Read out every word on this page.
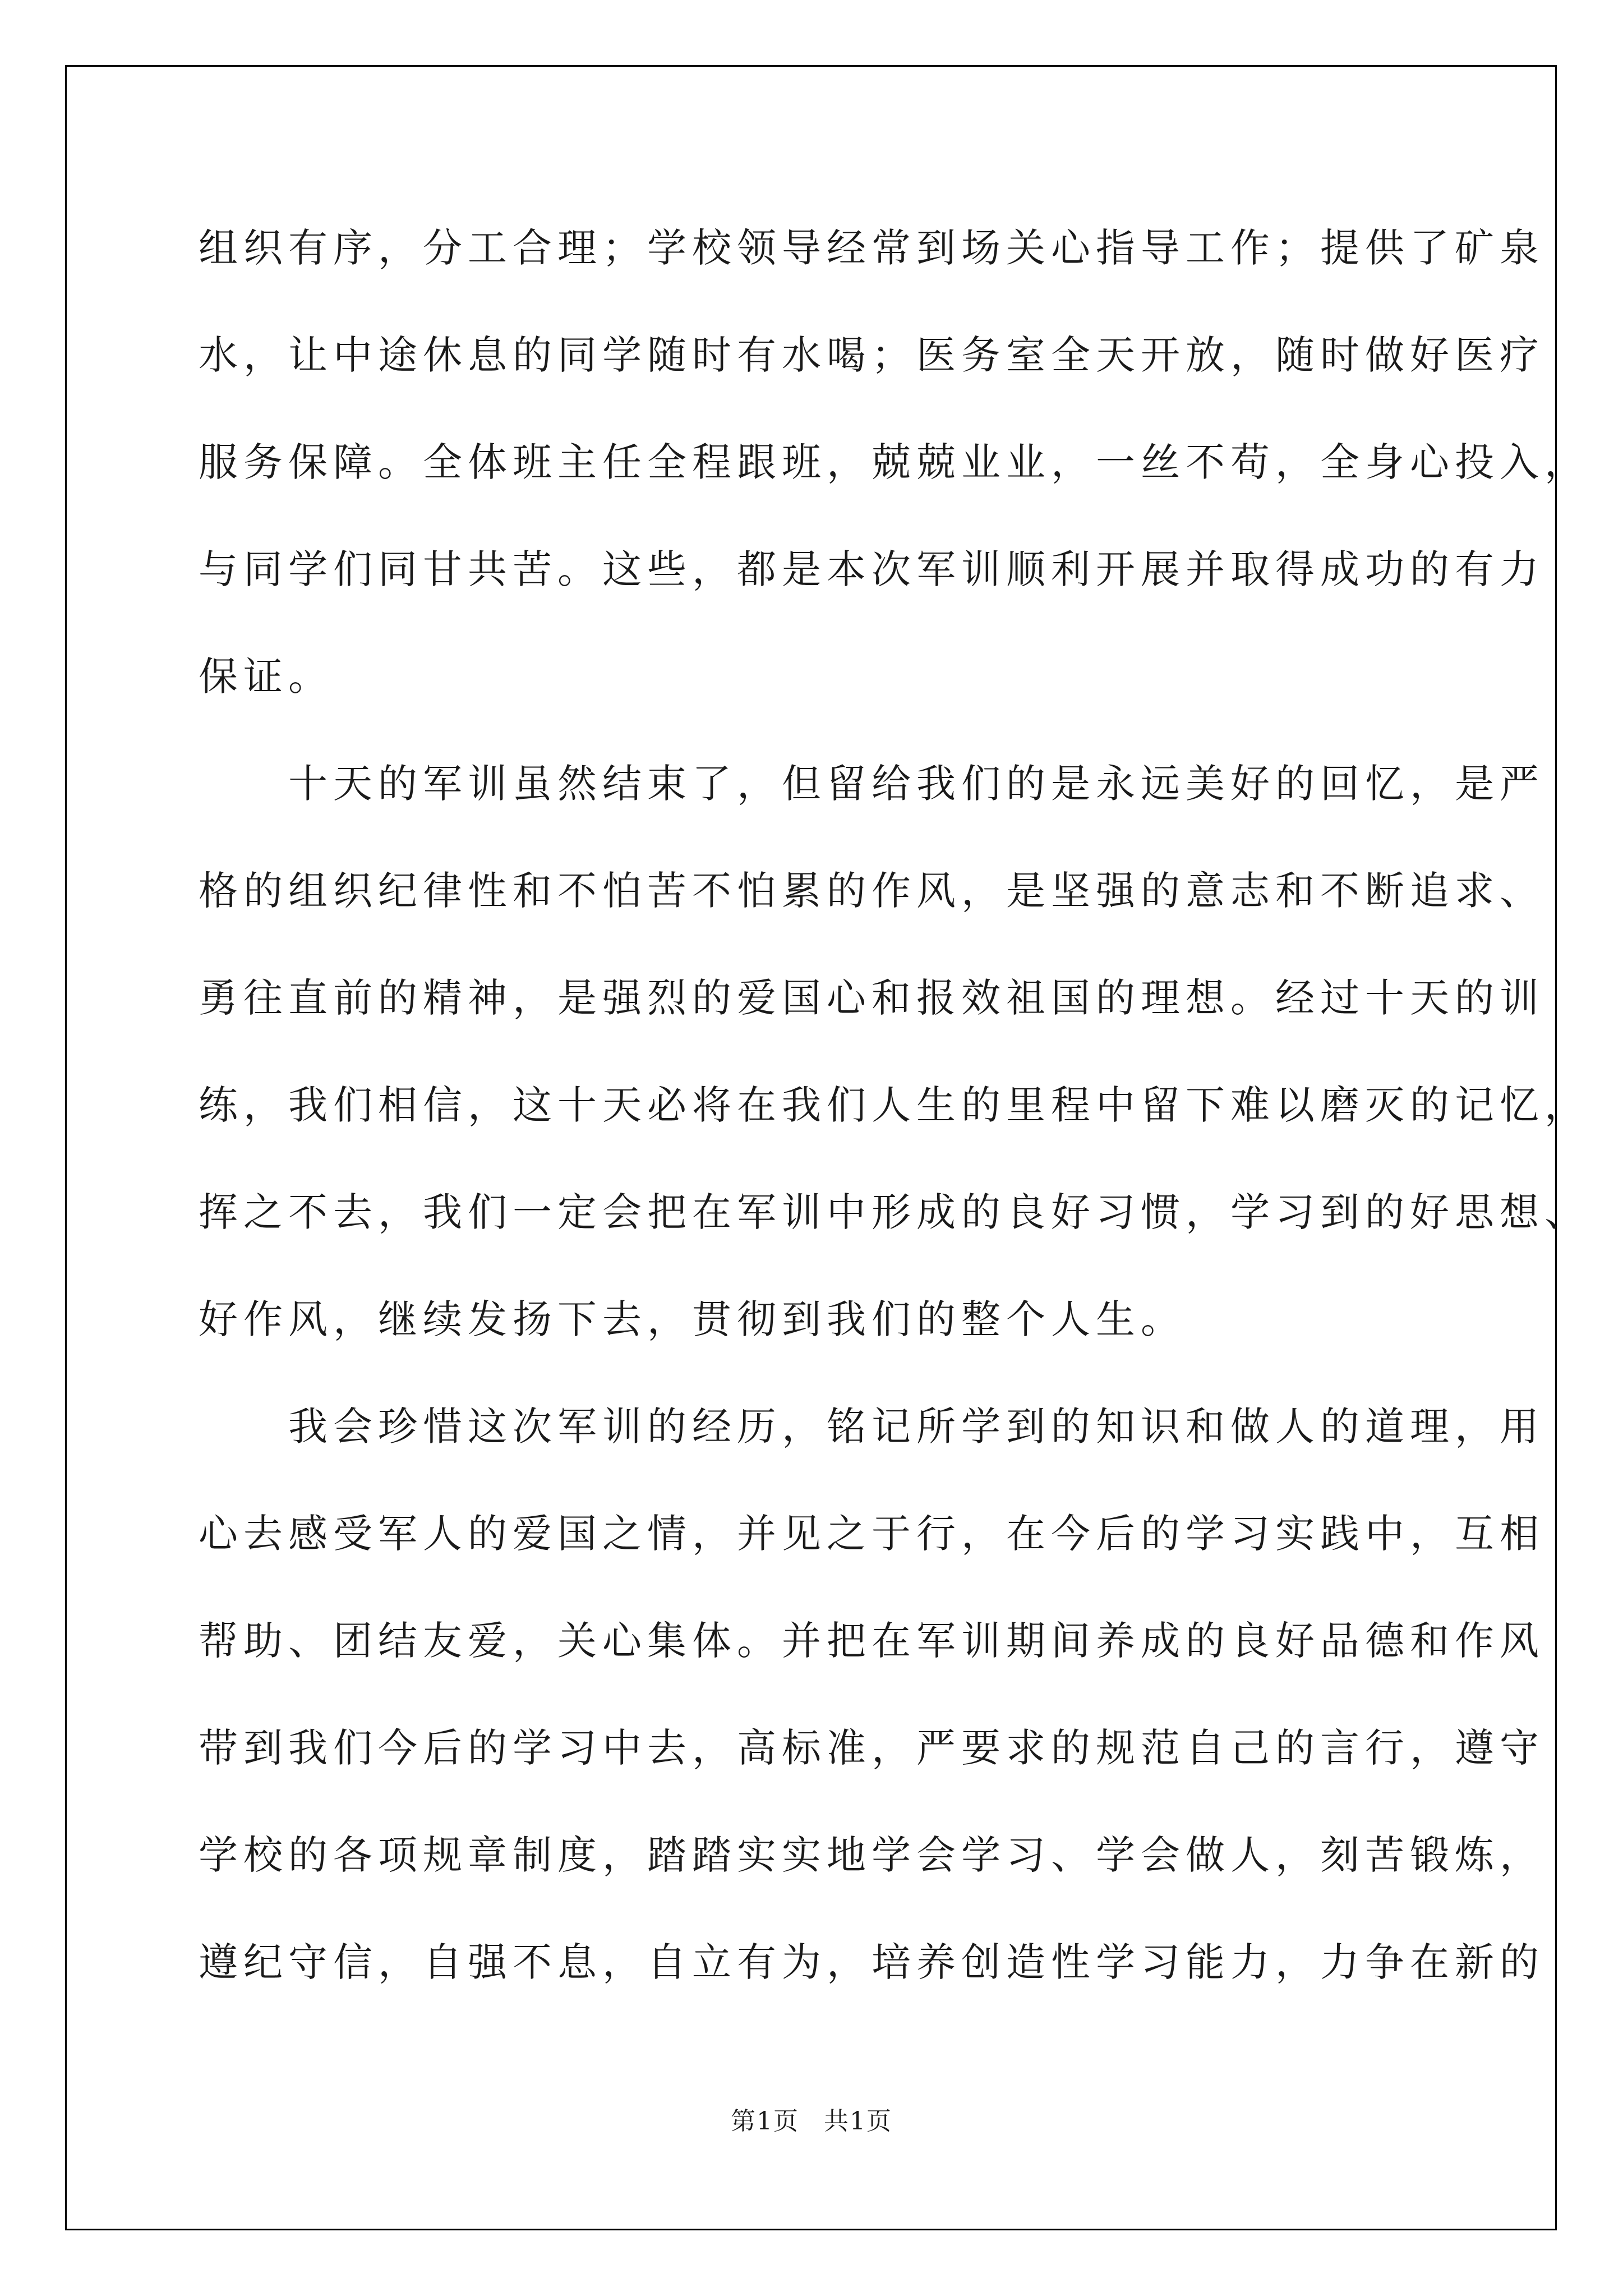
组织有序，分工合理；学校领导经常到场关心指导工作；提供了矿泉
水，让中途休息的同学随时有水喝；医务室全天开放，随时做好医疗
服务保障。全体班主任全程跟班，兢兢业业，一丝不苟，全身心投入，
与同学们同甘共苦。这些，都是本次军训顺利开展并取得成功的有力
保证。
　　十天的军训虽然结束了，但留给我们的是永远美好的回忆，是严
格的组织纪律性和不怕苦不怕累的作风，是坚强的意志和不断追求、
勇往直前的精神，是强烈的爱国心和报效祖国的理想。经过十天的训
练，我们相信，这十天必将在我们人生的里程中留下难以磨灭的记忆，
挥之不去，我们一定会把在军训中形成的良好习惯，学习到的好思想、
好作风，继续发扬下去，贯彻到我们的整个人生。
　　我会珍惜这次军训的经历，铭记所学到的知识和做人的道理，用
心去感受军人的爱国之情，并见之于行，在今后的学习实践中，互相
帮助、团结友爱，关心集体。并把在军训期间养成的良好品德和作风
带到我们今后的学习中去，高标准，严要求的规范自己的言行，遵守
学校的各项规章制度，踏踏实实地学会学习、学会做人，刻苦锻炼，
遵纪守信，自强不息，自立有为，培养创造性学习能力，力争在新的
第1页 共1页
